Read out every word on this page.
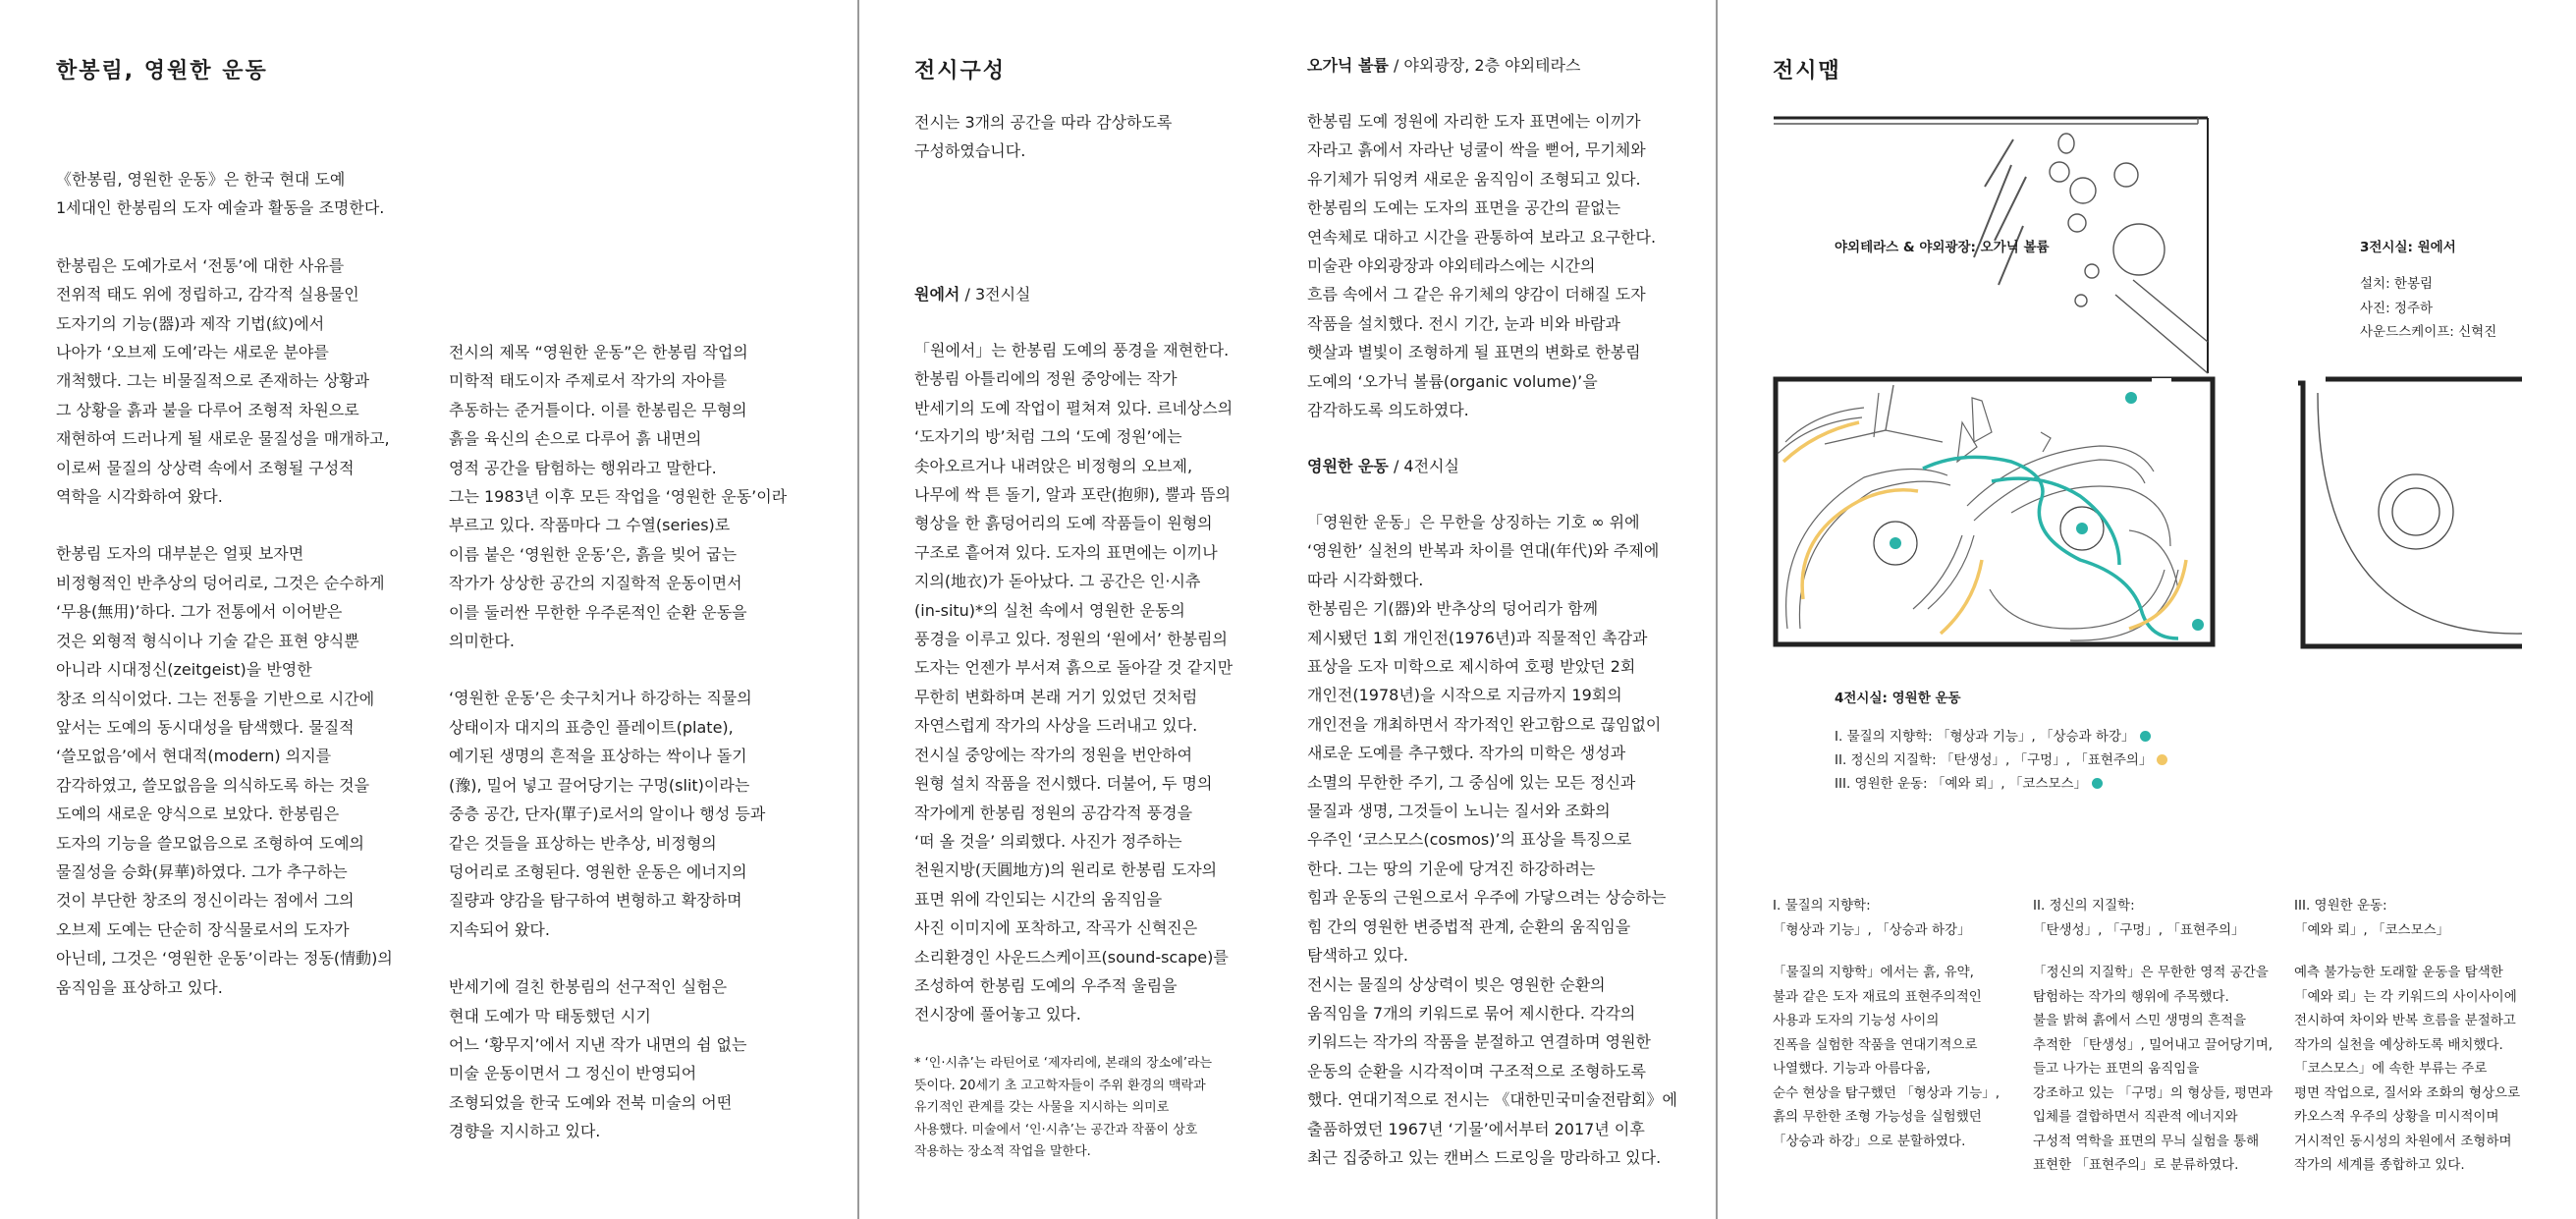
한봉림, 영원한 운동

《한봉림, 영원한 운동》은 한국 현대 도예
1세대인 한봉림의 도자 예술과 활동을 조명한다.

한봉림은 도예가로서 ‘전통’에 대한 사유를
전위적 태도 위에 정립하고, 감각적 실용물인
도자기의 기능(器)과 제작 기법(紋)에서
나아가 ‘오브제 도예’라는 새로운 분야를
개척했다. 그는 비물질적으로 존재하는 상황과
그 상황을 흙과 불을 다루어 조형적 차원으로
재현하여 드러나게 될 새로운 물질성을 매개하고,
이로써 물질의 상상력 속에서 조형될 구성적
역학을 시각화하여 왔다.

한봉림 도자의 대부분은 얼핏 보자면
비정형적인 반추상의 덩어리로, 그것은 순수하게
‘무용(無用)’하다. 그가 전통에서 이어받은
것은 외형적 형식이나 기술 같은 표현 양식뿐
아니라 시대정신(zeitgeist)을 반영한
창조 의식이었다. 그는 전통을 기반으로 시간에
앞서는 도예의 동시대성을 탐색했다. 물질적
‘쓸모없음’에서 현대적(modern) 의지를
감각하였고, 쓸모없음을 의식하도록 하는 것을
도예의 새로운 양식으로 보았다. 한봉림은
도자의 기능을 쓸모없음으로 조형하여 도예의
물질성을 승화(昇華)하였다. 그가 추구하는
것이 부단한 창조의 정신이라는 점에서 그의
오브제 도예는 단순히 장식물로서의 도자가
아닌데, 그것은 ‘영원한 운동’이라는 정동(情動)의
움직임을 표상하고 있다.

전시의 제목 “영원한 운동”은 한봉림 작업의
미학적 태도이자 주제로서 작가의 자아를
추동하는 준거틀이다. 이를 한봉림은 무형의
흙을 육신의 손으로 다루어 흙 내면의
영적 공간을 탐험하는 행위라고 말한다.
그는 1983년 이후 모든 작업을 ‘영원한 운동’이라
부르고 있다. 작품마다 그 수열(series)로
이름 붙은 ‘영원한 운동’은, 흙을 빚어 굽는
작가가 상상한 공간의 지질학적 운동이면서
이를 둘러싼 무한한 우주론적인 순환 운동을
의미한다.

‘영원한 운동’은 솟구치거나 하강하는 직물의
상태이자 대지의 표층인 플레이트(plate),
예기된 생명의 흔적을 표상하는 싹이나 돌기
(豫), 밀어 넣고 끌어당기는 구멍(slit)이라는
중층 공간, 단자(單子)로서의 알이나 행성 등과
같은 것들을 표상하는 반추상, 비정형의
덩어리로 조형된다. 영원한 운동은 에너지의
질량과 양감을 탐구하여 변형하고 확장하며
지속되어 왔다.

반세기에 걸친 한봉림의 선구적인 실험은
현대 도예가 막 태동했던 시기
어느 ‘황무지’에서 지낸 작가 내면의 쉼 없는
미술 운동이면서 그 정신이 반영되어
조형되었을 한국 도예와 전북 미술의 어떤
경향을 지시하고 있다.

전시구성

전시는 3개의 공간을 따라 감상하도록
구성하였습니다.

원에서 / 3전시실

「원에서」는 한봉림 도예의 풍경을 재현한다.
한봉림 아틀리에의 정원 중앙에는 작가
반세기의 도예 작업이 펼쳐져 있다. 르네상스의
‘도자기의 방’처럼 그의 ‘도예 정원’에는
솟아오르거나 내려앉은 비정형의 오브제,
나무에 싹 튼 돌기, 알과 포란(抱卵), 뿔과 뜸의
형상을 한 흙덩어리의 도예 작품들이 원형의
구조로 흩어져 있다. 도자의 표면에는 이끼나
지의(地衣)가 돋아났다. 그 공간은 인·시츄
(in-situ)*의 실천 속에서 영원한 운동의
풍경을 이루고 있다. 정원의 ‘원에서’ 한봉림의
도자는 언젠가 부서져 흙으로 돌아갈 것 같지만
무한히 변화하며 본래 거기 있었던 것처럼
자연스럽게 작가의 사상을 드러내고 있다.
전시실 중앙에는 작가의 정원을 번안하여
원형 설치 작품을 전시했다. 더불어, 두 명의
작가에게 한봉림 정원의 공감각적 풍경을
‘떠 올 것을’ 의뢰했다. 사진가 정주하는
천원지방(天圓地方)의 원리로 한봉림 도자의
표면 위에 각인되는 시간의 움직임을
사진 이미지에 포착하고, 작곡가 신혁진은
소리환경인 사운드스케이프(sound-scape)를
조성하여 한봉림 도예의 우주적 울림을
전시장에 풀어놓고 있다.

* ‘인·시츄’는 라틴어로 ‘제자리에, 본래의 장소에’라는
뜻이다. 20세기 초 고고학자들이 주위 환경의 맥락과
유기적인 관계를 갖는 사물을 지시하는 의미로
사용했다. 미술에서 ‘인·시츄’는 공간과 작품이 상호
작용하는 장소적 작업을 말한다.
오가닉 볼륨 / 야외광장, 2층 야외테라스

한봉림 도예 정원에 자리한 도자 표면에는 이끼가
자라고 흙에서 자라난 넝쿨이 싹을 뻗어, 무기체와
유기체가 뒤엉켜 새로운 움직임이 조형되고 있다.
한봉림의 도예는 도자의 표면을 공간의 끝없는
연속체로 대하고 시간을 관통하여 보라고 요구한다.
미술관 야외광장과 야외테라스에는 시간의
흐름 속에서 그 같은 유기체의 양감이 더해질 도자
작품을 설치했다. 전시 기간, 눈과 비와 바람과
햇살과 별빛이 조형하게 될 표면의 변화로 한봉림
도예의 ‘오가닉 볼륨(organic volume)’을
감각하도록 의도하였다.

영원한 운동 / 4전시실

「영원한 운동」은 무한을 상징하는 기호 ∞ 위에
‘영원한’ 실천의 반복과 차이를 연대(年代)와 주제에
따라 시각화했다.
한봉림은 기(器)와 반추상의 덩어리가 함께
제시됐던 1회 개인전(1976년)과 직물적인 촉감과
표상을 도자 미학으로 제시하여 호평 받았던 2회
개인전(1978년)을 시작으로 지금까지 19회의
개인전을 개최하면서 작가적인 완고함으로 끊임없이
새로운 도예를 추구했다. 작가의 미학은 생성과
소멸의 무한한 주기, 그 중심에 있는 모든 정신과
물질과 생명, 그것들이 노니는 질서와 조화의
우주인 ‘코스모스(cosmos)’의 표상을 특징으로
한다. 그는 땅의 기운에 당겨진 하강하려는
힘과 운동의 근원으로서 우주에 가닿으려는 상승하는
힘 간의 영원한 변증법적 관계, 순환의 움직임을
탐색하고 있다.
전시는 물질의 상상력이 빚은 영원한 순환의
움직임을 7개의 키워드로 묶어 제시한다. 각각의
키워드는 작가의 작품을 분절하고 연결하며 영원한
운동의 순환을 시각적이며 구조적으로 조형하도록
했다. 연대기적으로 전시는 《대한민국미술전람회》에
출품하였던 1967년 ‘기물’에서부터 2017년 이후
최근 집중하고 있는 캔버스 드로잉을 망라하고 있다.

전시맵
야외테라스 & 야외광장: 오가닉 볼륨	3전시실: 원에서
설치: 한봉림
사진: 정주하
사운드스케이프: 신혁진
4전시실: 영원한 운동
I. 물질의 지향학: 「형상과 기능」, 「상승과 하강」
II. 정신의 지질학: 「탄생성」, 「구멍」, 「표현주의」
III. 영원한 운동: 「예와 뢰」, 「코스모스」
I. 물질의 지향학:
「형상과 기능」, 「상승과 하강」
「물질의 지향학」에서는 흙, 유약,
불과 같은 도자 재료의 표현주의적인
사용과 도자의 기능성 사이의
진폭을 실험한 작품을 연대기적으로
나열했다. 기능과 아름다움,
순수 현상을 탐구했던 「형상과 기능」,
흙의 무한한 조형 가능성을 실험했던
「상승과 하강」으로 분할하였다.
II. 정신의 지질학:
「탄생성」, 「구멍」, 「표현주의」
「정신의 지질학」은 무한한 영적 공간을
탐험하는 작가의 행위에 주목했다.
불을 밝혀 흙에서 스민 생명의 흔적을
추적한 「탄생성」, 밀어내고 끌어당기며,
들고 나가는 표면의 움직임을
강조하고 있는 「구멍」의 형상들, 평면과
입체를 결합하면서 직관적 에너지와
구성적 역학을 표면의 무늬 실험을 통해
표현한 「표현주의」로 분류하였다.
III. 영원한 운동:
「예와 뢰」, 「코스모스」
예측 불가능한 도래할 운동을 탐색한
「예와 뢰」는 각 키워드의 사이사이에
전시하여 차이와 반복 흐름을 분절하고
작가의 실천을 예상하도록 배치했다.
「코스모스」에 속한 부류는 주로
평면 작업으로, 질서와 조화의 형상으로
카오스적 우주의 상황을 미시적이며
거시적인 동시성의 차원에서 조형하며
작가의 세계를 종합하고 있다.
